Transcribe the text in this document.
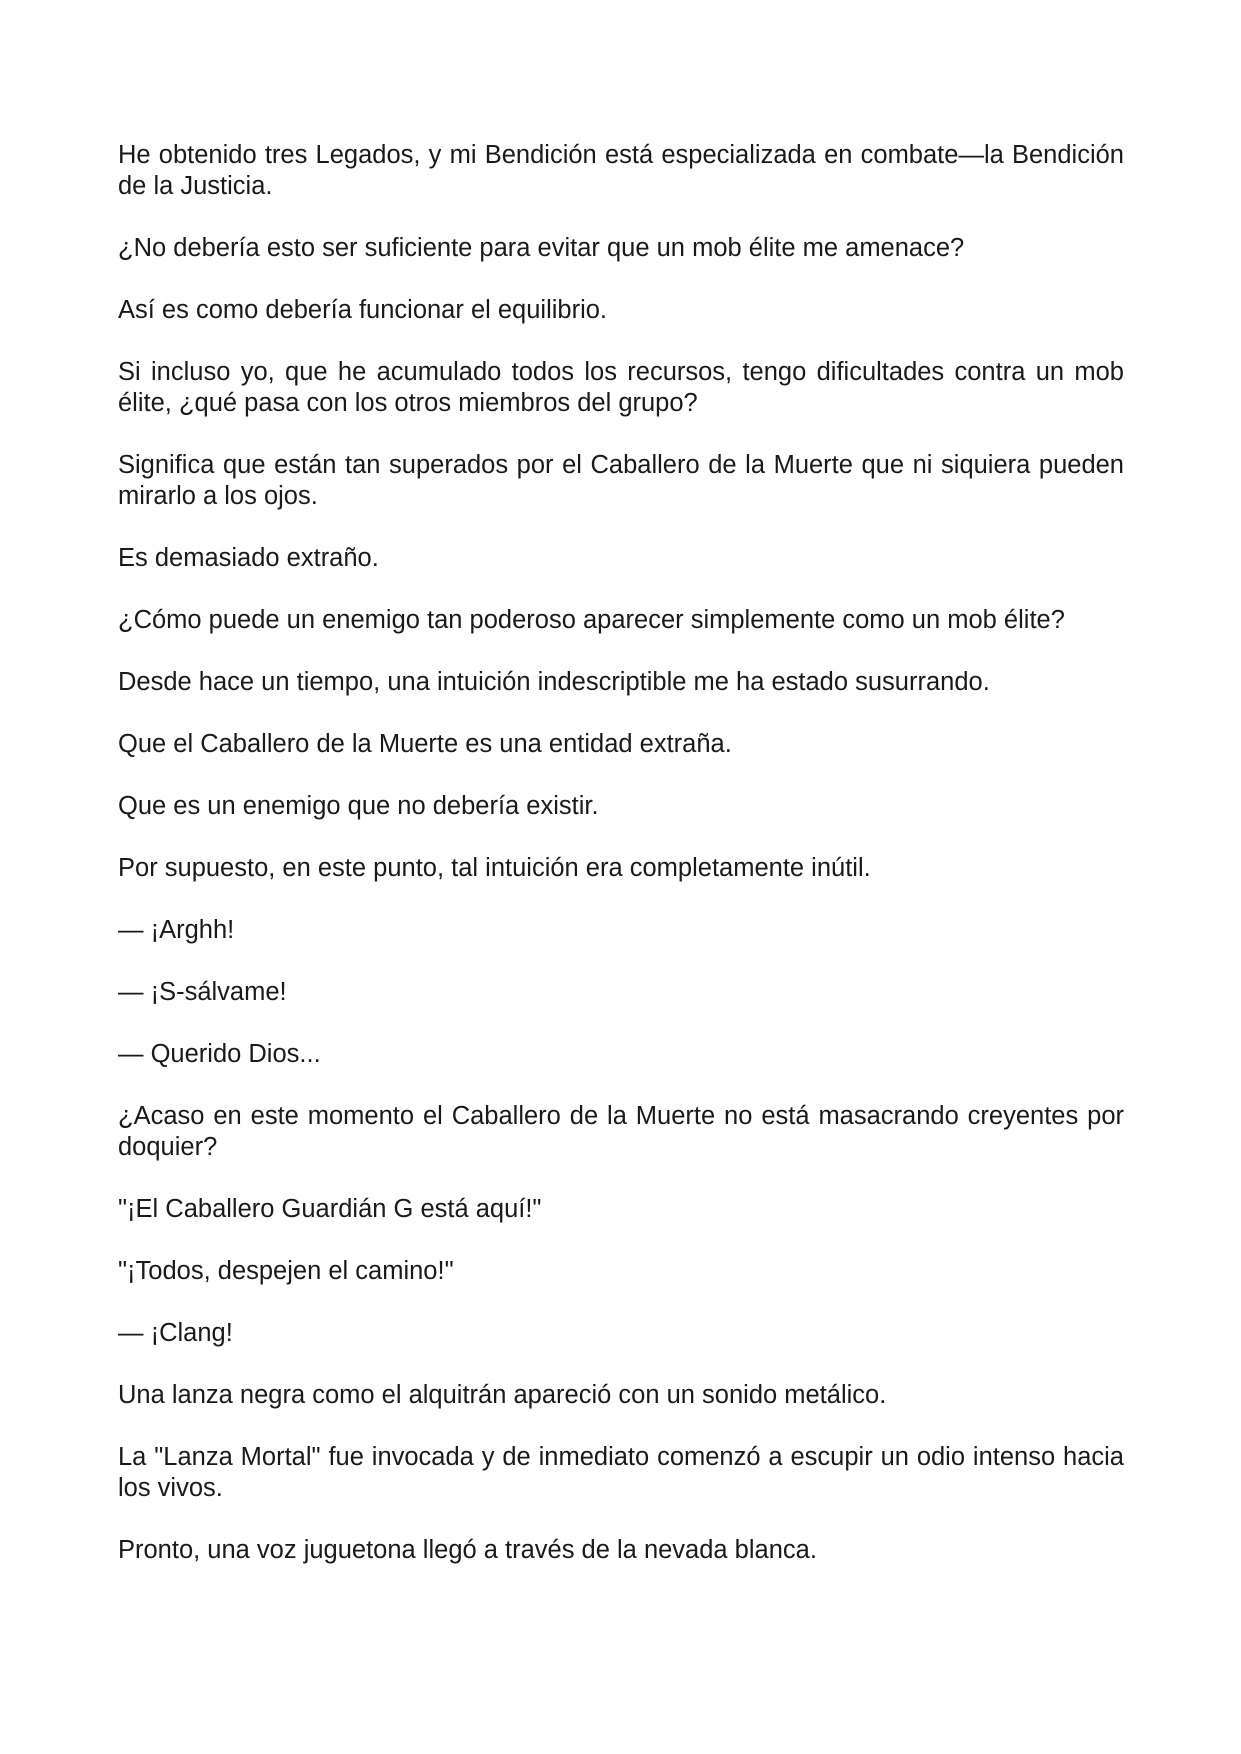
He obtenido tres Legados, y mi Bendición está especializada en combate—la Bendición de la Justicia.

¿No debería esto ser suficiente para evitar que un mob élite me amenace?

Así es como debería funcionar el equilibrio.

Si incluso yo, que he acumulado todos los recursos, tengo dificultades contra un mob élite, ¿qué pasa con los otros miembros del grupo?

Significa que están tan superados por el Caballero de la Muerte que ni siquiera pueden mirarlo a los ojos.

Es demasiado extraño.

¿Cómo puede un enemigo tan poderoso aparecer simplemente como un mob élite?

Desde hace un tiempo, una intuición indescriptible me ha estado susurrando.

Que el Caballero de la Muerte es una entidad extraña.

Que es un enemigo que no debería existir.

Por supuesto, en este punto, tal intuición era completamente inútil.

— ¡Arghh!

— ¡S-sálvame!

— Querido Dios...

¿Acaso en este momento el Caballero de la Muerte no está masacrando creyentes por doquier?

"¡El Caballero Guardián G está aquí!"

"¡Todos, despejen el camino!"

— ¡Clang!

Una lanza negra como el alquitrán apareció con un sonido metálico.

La "Lanza Mortal" fue invocada y de inmediato comenzó a escupir un odio intenso hacia los vivos.

Pronto, una voz juguetona llegó a través de la nevada blanca.
